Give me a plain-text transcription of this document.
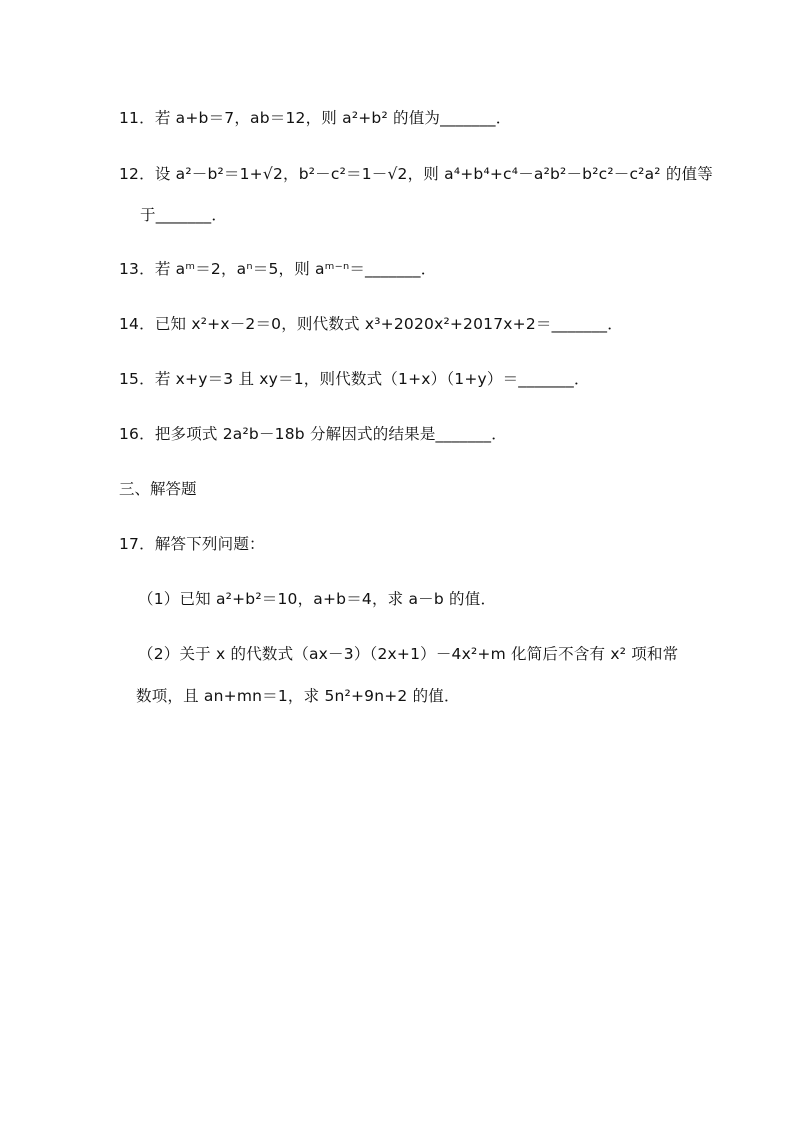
11．若 a+b＝7，ab＝12，则 a²+b² 的值为_______．
12．设 a²－b²＝1+√2，b²－c²＝1－√2，则 a⁴+b⁴+c⁴－a²b²－b²c²－c²a² 的值等
于_______．
13．若 aᵐ＝2，aⁿ＝5，则 aᵐ⁻ⁿ＝_______．
14．已知 x²+x－2＝0，则代数式 x³+2020x²+2017x+2＝_______．
15．若 x+y＝3 且 xy＝1，则代数式（1+x）（1+y）＝_______．
16．把多项式 2a²b－18b 分解因式的结果是_______．
三、解答题
17．解答下列问题：
（1）已知 a²+b²＝10，a+b＝4，求 a－b 的值．
（2）关于 x 的代数式（ax－3）（2x+1）－4x²+m 化简后不含有 x² 项和常
数项，且 an+mn＝1，求 5n²+9n+2 的值．
